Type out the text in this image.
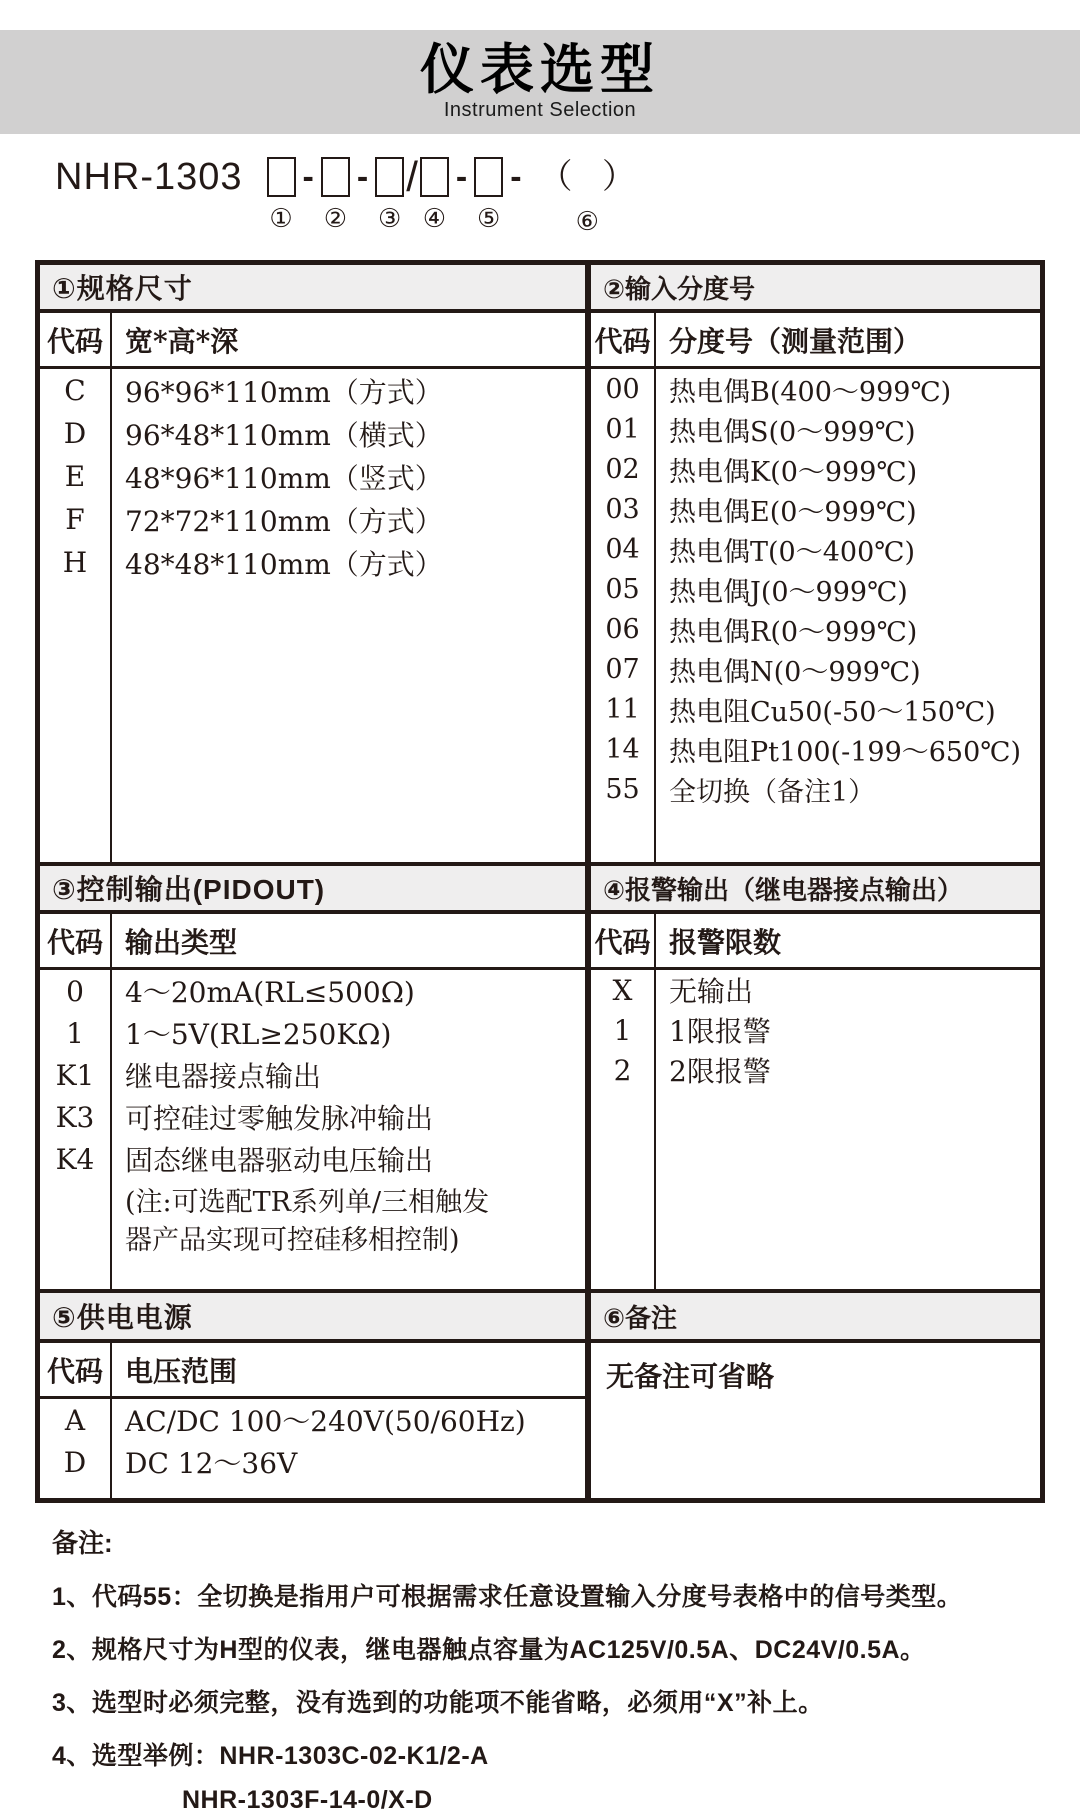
仪表选型
Instrument Selection
NHR-1303
①
-
②
-
③
/
④
-
⑤
- （ ）
⑥
①规格尺寸
代码 宽*高*深
C	96*96*110mm（方式）
D	96*48*110mm（横式）
E	48*96*110mm（竖式）
F	72*72*110mm（方式）
H	48*48*110mm（方式）
③控制输出(PIDOUT)
代码 输出类型
0	4～20mA(RL≤500Ω)
1	1～5V(RL≥250KΩ)
K1	继电器接点输出
K3	可控硅过零触发脉冲输出
K4	固态继电器驱动电压输出
(注:可选配TR系列单/三相触发
器产品实现可控硅移相控制)
⑤供电电源
代码 电压范围
A	AC/DC 100～240V(50/60Hz)
D	DC 12～36V
②输入分度号
代码 分度号（测量范围）
00	热电偶B(400～999℃)
01	热电偶S(0～999℃)
02	热电偶K(0～999℃)
03	热电偶E(0～999℃)
04	热电偶T(0～400℃)
05	热电偶J(0～999℃)
06	热电偶R(0～999℃)
07	热电偶N(0～999℃)
11	热电阻Cu50(-50～150℃)
14	热电阻Pt100(-199～650℃)
55	全切换（备注1）
④报警输出（继电器接点输出）
代码 报警限数
X	无输出
1	1限报警
2	2限报警
⑥备注
无备注可省略
备注:
1、代码55：全切换是指用户可根据需求任意设置输入分度号表格中的信号类型。
2、规格尺寸为H型的仪表，继电器触点容量为AC125V/0.5A、DC24V/0.5A。
3、选型时必须完整，没有选到的功能项不能省略，必须用“X”补上。
4、选型举例：NHR-1303C-02-K1/2-A
NHR-1303F-14-0/X-D
